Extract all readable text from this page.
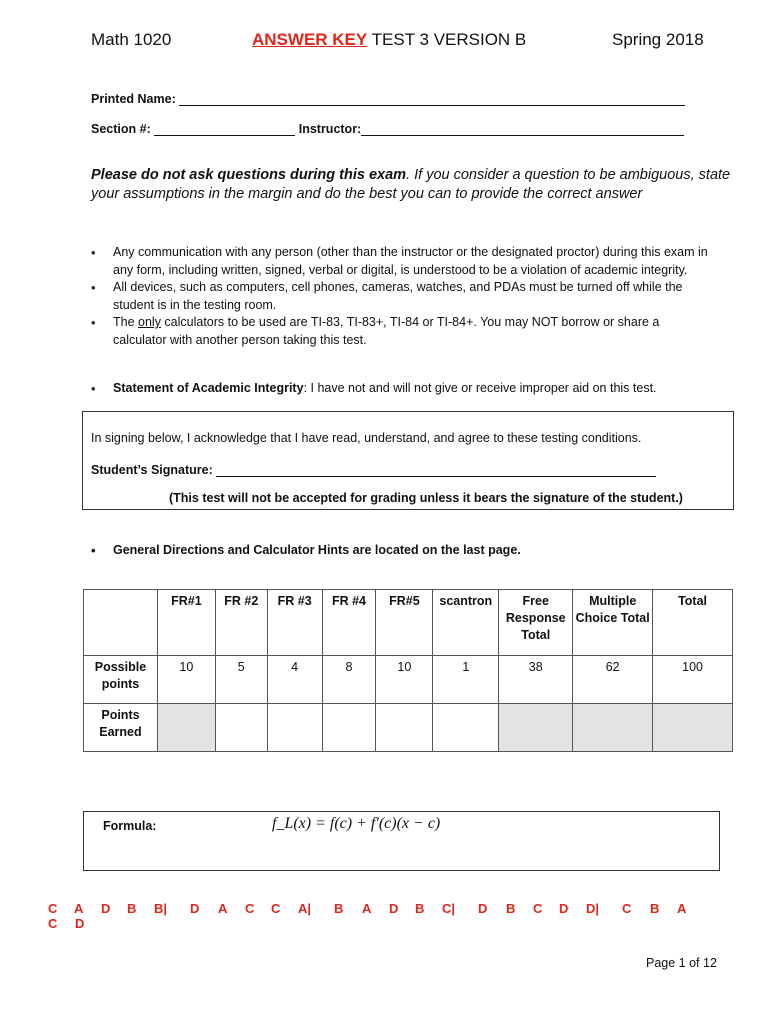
Math 1020	ANSWER KEY TEST 3 VERSION B	Spring 2018
Printed Name:
Section #:	Instructor:
Please do not ask questions during this exam. If you consider a question to be ambiguous, state your assumptions in the margin and do the best you can to provide the correct answer
• Any communication with any person (other than the instructor or the designated proctor) during this exam in any form, including written, signed, verbal or digital, is understood to be a violation of academic integrity.
• All devices, such as computers, cell phones, cameras, watches, and PDAs must be turned off while the student is in the testing room.
• The only calculators to be used are TI-83, TI-83+, TI-84 or TI-84+. You may NOT borrow or share a calculator with another person taking this test.
• Statement of Academic Integrity: I have not and will not give or receive improper aid on this test.
In signing below, I acknowledge that I have read, understand, and agree to these testing conditions.
Student’s Signature:
(This test will not be accepted for grading unless it bears the signature of the student.)
• General Directions and Calculator Hints are located on the last page.
	FR#1	FR #2	FR #3	FR #4	FR#5	scantron	Free Response Total	Multiple Choice Total	Total
Possible points	10	5	4	8	10	1	38	62	100
Points Earned									
Formula:	f_L(x) = f(c) + f′(c)(x − c)
C A D B B| D A C C A| B A D B C| D B C D D| C B AC D
Page 1 of 12
